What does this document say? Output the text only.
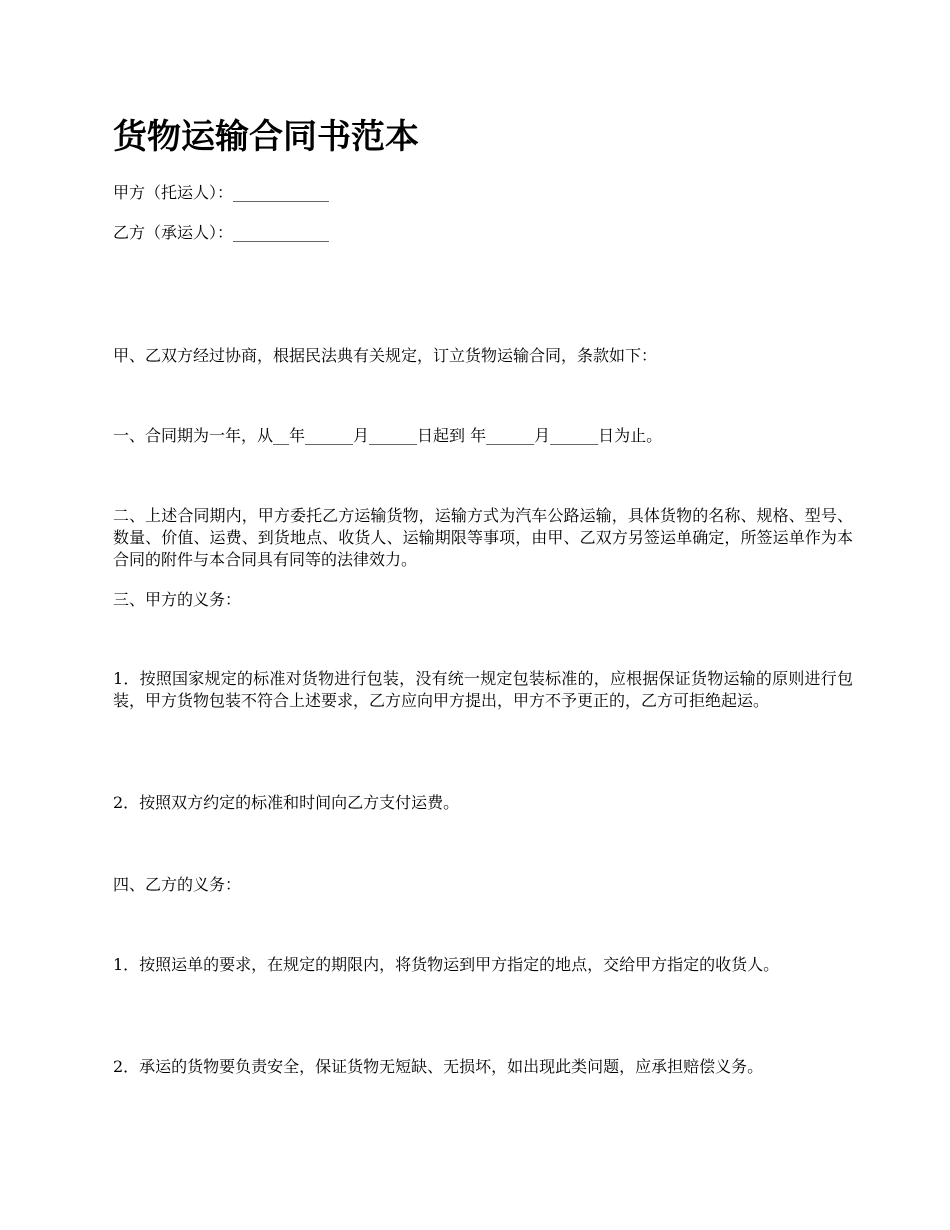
货物运输合同书范本

甲方（托运人）：____________

乙方（承运人）：____________

甲、乙双方经过协商，根据民法典有关规定，订立货物运输合同，条款如下：

一、合同期为一年，从__年______月______日起到 年______月______日为止。

二、上述合同期内，甲方委托乙方运输货物，运输方式为汽车公路运输，具体货物的名称、规格、型号、数量、价值、运费、到货地点、收货人、运输期限等事项，由甲、乙双方另签运单确定，所签运单作为本合同的附件与本合同具有同等的法律效力。

三、甲方的义务：

1．按照国家规定的标准对货物进行包装，没有统一规定包装标准的，应根据保证货物运输的原则进行包装，甲方货物包装不符合上述要求，乙方应向甲方提出，甲方不予更正的，乙方可拒绝起运。

2．按照双方约定的标准和时间向乙方支付运费。

四、乙方的义务：

1．按照运单的要求，在规定的期限内，将货物运到甲方指定的地点，交给甲方指定的收货人。

2．承运的货物要负责安全，保证货物无短缺、无损坏，如出现此类问题，应承担赔偿义务。
